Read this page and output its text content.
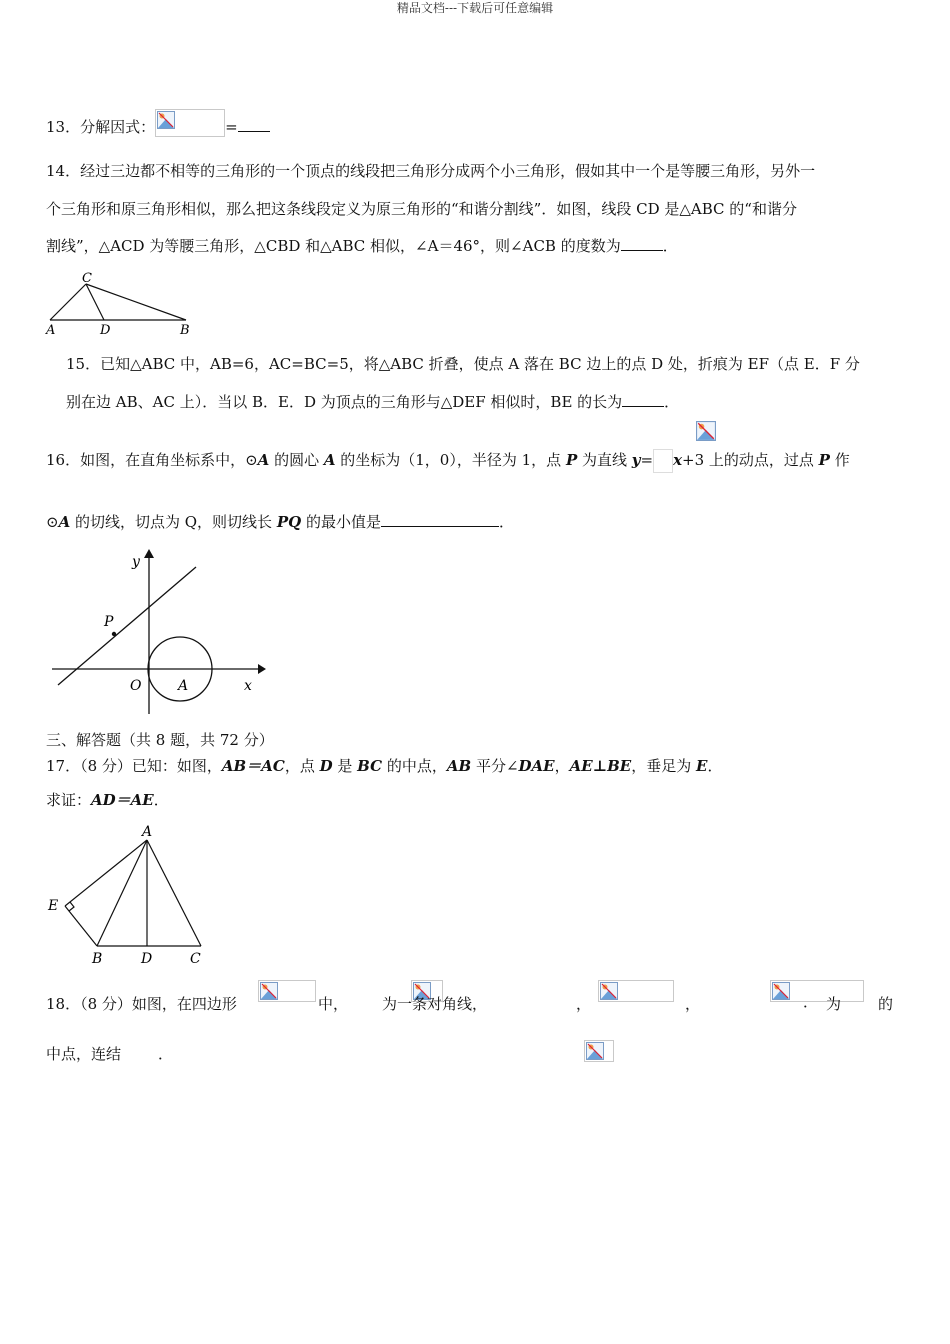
精品文档---下载后可任意编辑
13．分解因式：	=
14．经过三边都不相等的三角形的一个顶点的线段把三角形分成两个小三角形，假如其中一个是等腰三角形，另外一
个三角形和原三角形相似，那么把这条线段定义为原三角形的“和谐分割线”．如图，线段 CD 是△ABC 的“和谐分
割线”，△ACD 为等腰三角形，△CBD 和△ABC 相似，∠A＝46°，则∠ACB 的度数为	．
C
A	D	B
15．已知△ABC 中，AB=6，AC=BC=5，将△ABC 折叠，使点 A 落在 BC 边上的点 D 处，折痕为 EF（点 E．F 分
别在边 AB、AC 上）．当以 B．E．D 为顶点的三角形与△DEF 相似时，BE 的长为	．
16．如图，在直角坐标系中，⊙A 的圆心 A 的坐标为（1，0），半径为 1，点 P 为直线 y= x+3 上的动点，过点 P 作
⊙A 的切线，切点为 Q，则切线长 PQ 的最小值是	．
y
P
O	A	x
三、解答题（共 8 题，共 72 分）
17．（8 分）已知：如图，AB＝AC，点 D 是 BC 的中点，AB 平分∠DAE，AE⊥BE，垂足为 E．
求证：AD＝AE．
A
E
B	D	C
18．（8 分）如图，在四边形
	中，
为一条对角线，
	，
	，
	．
为
的
中点，连结 ．
